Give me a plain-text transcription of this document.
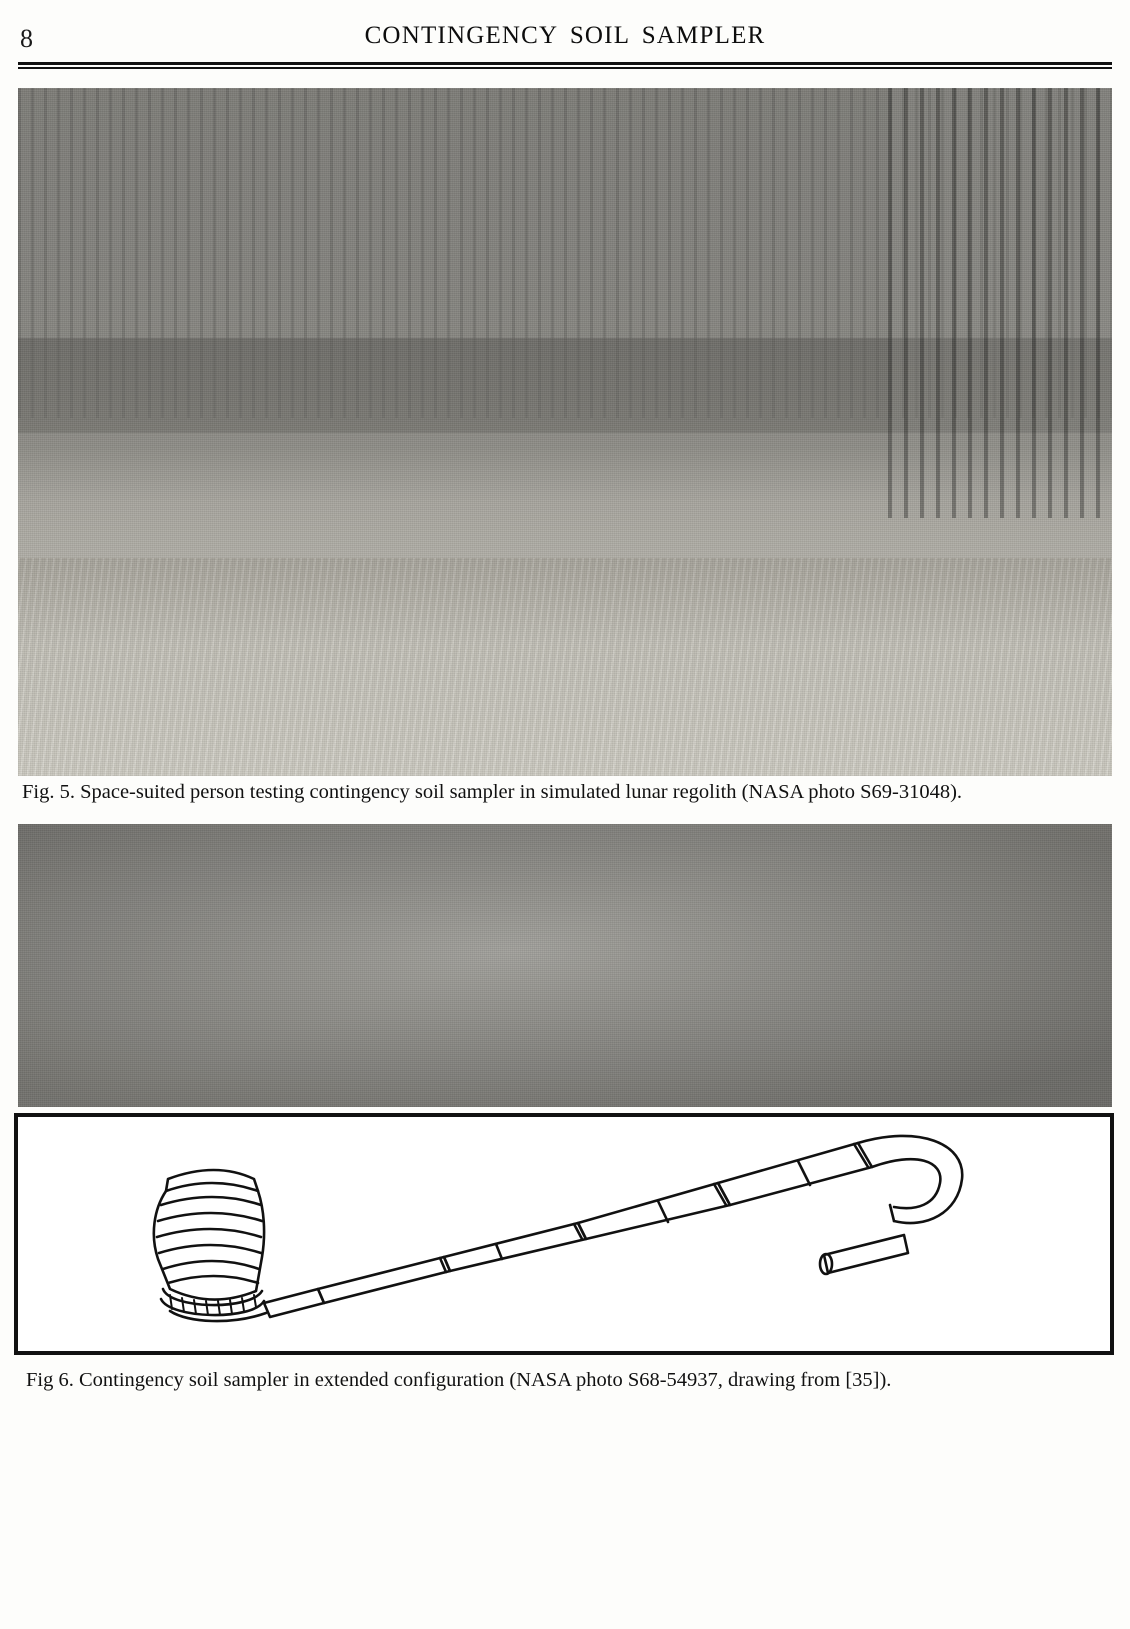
8	CONTINGENCY SOIL SAMPLER
Fig. 5. Space-suited person testing contingency soil sampler in simulated lunar regolith (NASA photo S69-31048).
Fig 6. Contingency soil sampler in extended configuration (NASA photo S68-54937, drawing from [35]).
